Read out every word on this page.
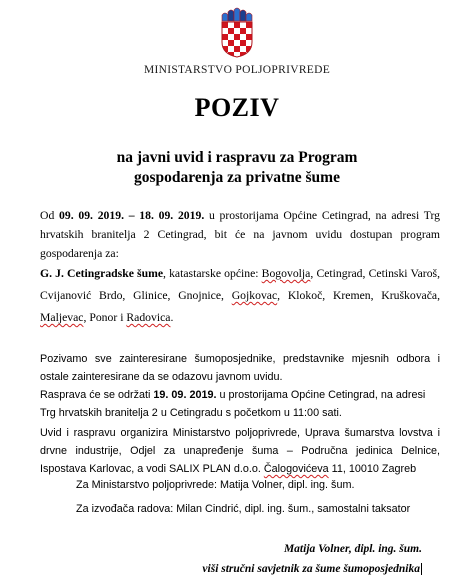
MINISTARSTVO POLJOPRIVREDE
POZIV
na javni uvid i raspravu za Program
gospodarenja za privatne šume
Od 09. 09. 2019. – 18. 09. 2019. u prostorijama Općine Cetingrad, na adresi Trg hrvatskih branitelja 2 Cetingrad, bit će na javnom uvidu dostupan program gospodarenja za:
G. J. Cetingradske šume, katastarske općine: Bogovolja, Cetingrad, Cetinski Varoš, Cvijanović Brdo, Glinice, Gnojnice, Gojkovac, Klokoč, Kremen, Kruškovača, Maljevac, Ponor i Radovica.
Pozivamo sve zainteresirane šumoposjednike, predstavnike mjesnih odbora i ostale zainteresirane da se odazovu javnom uvidu.
Rasprava će se održati 19. 09. 2019. u prostorijama Općine Cetingrad, na adresi Trg hrvatskih branitelja 2 u Cetingradu s početkom u 11:00 sati.
Uvid i raspravu organizira Ministarstvo poljoprivrede, Uprava šumarstva lovstva i drvne industrije, Odjel za unapređenje šuma – Područna jedinica Delnice, Ispostava Karlovac, a vodi SALIX PLAN d.o.o. Čalogovićeva 11, 10010 Zagreb
Za Ministarstvo poljoprivrede: Matija Volner, dipl. ing. šum.
Za izvođača radova: Milan Cindrić, dipl. ing. šum., samostalni taksator
Matija Volner, dipl. ing. šum.
viši stručni savjetnik za šume šumoposjednika
